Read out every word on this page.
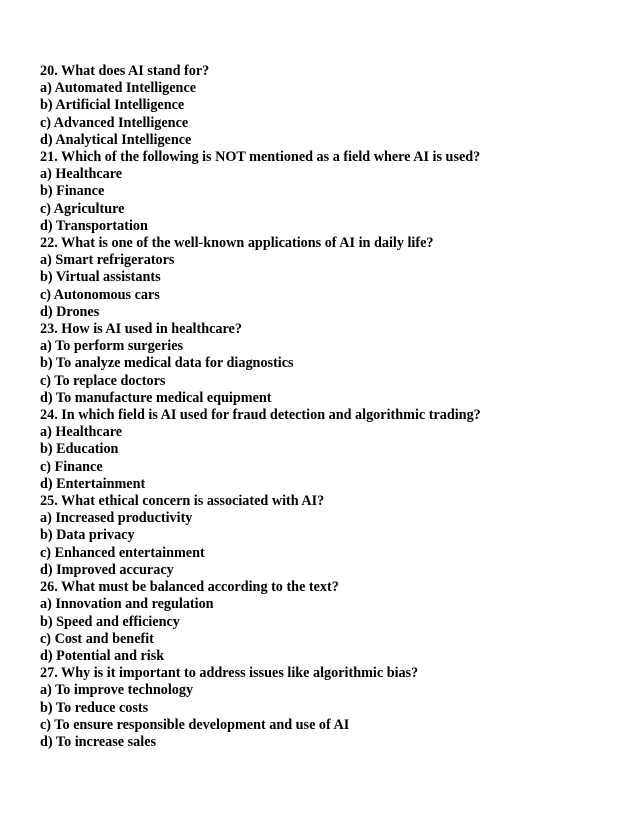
20. What does AI stand for?
a) Automated Intelligence
b) Artificial Intelligence
c) Advanced Intelligence
d) Analytical Intelligence
21. Which of the following is NOT mentioned as a field where AI is used?
a) Healthcare
b) Finance
c) Agriculture
d) Transportation
22. What is one of the well-known applications of AI in daily life?
a) Smart refrigerators
b) Virtual assistants
c) Autonomous cars
d) Drones
23. How is AI used in healthcare?
a) To perform surgeries
b) To analyze medical data for diagnostics
c) To replace doctors
d) To manufacture medical equipment
24. In which field is AI used for fraud detection and algorithmic trading?
a) Healthcare
b) Education
c) Finance
d) Entertainment
25. What ethical concern is associated with AI?
a) Increased productivity
b) Data privacy
c) Enhanced entertainment
d) Improved accuracy
26. What must be balanced according to the text?
a) Innovation and regulation
b) Speed and efficiency
c) Cost and benefit
d) Potential and risk
27. Why is it important to address issues like algorithmic bias?
a) To improve technology
b) To reduce costs
c) To ensure responsible development and use of AI
d) To increase sales
